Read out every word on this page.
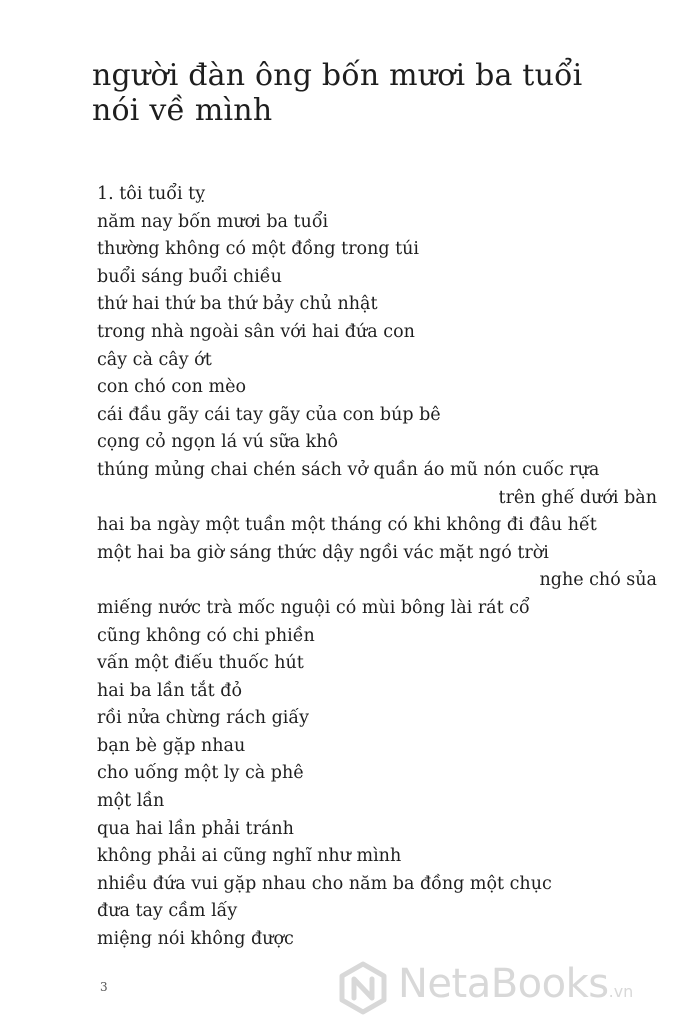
người đàn ông bốn mươi ba tuổi
nói về mình
1. tôi tuổi tỵ
năm nay bốn mươi ba tuổi
thường không có một đồng trong túi
buổi sáng buổi chiều
thứ hai thứ ba thứ bảy chủ nhật
trong nhà ngoài sân với hai đứa con
cây cà cây ớt
con chó con mèo
cái đầu gãy cái tay gãy của con búp bê
cọng cỏ ngọn lá vú sữa khô
thúng mủng chai chén sách vở quần áo mũ nón cuốc rựa
trên ghế dưới bàn
hai ba ngày một tuần một tháng có khi không đi đâu hết
một hai ba giờ sáng thức dậy ngồi vác mặt ngó trời
nghe chó sủa
miếng nước trà mốc nguội có mùi bông lài rát cổ
cũng không có chi phiền
vấn một điếu thuốc hút
hai ba lần tắt đỏ
rồi nửa chừng rách giấy
bạn bè gặp nhau
cho uống một ly cà phê
một lần
qua hai lần phải tránh
không phải ai cũng nghĩ như mình
nhiều đứa vui gặp nhau cho năm ba đồng một chục
đưa tay cầm lấy
miệng nói không được
3	NetaBooks.vn
